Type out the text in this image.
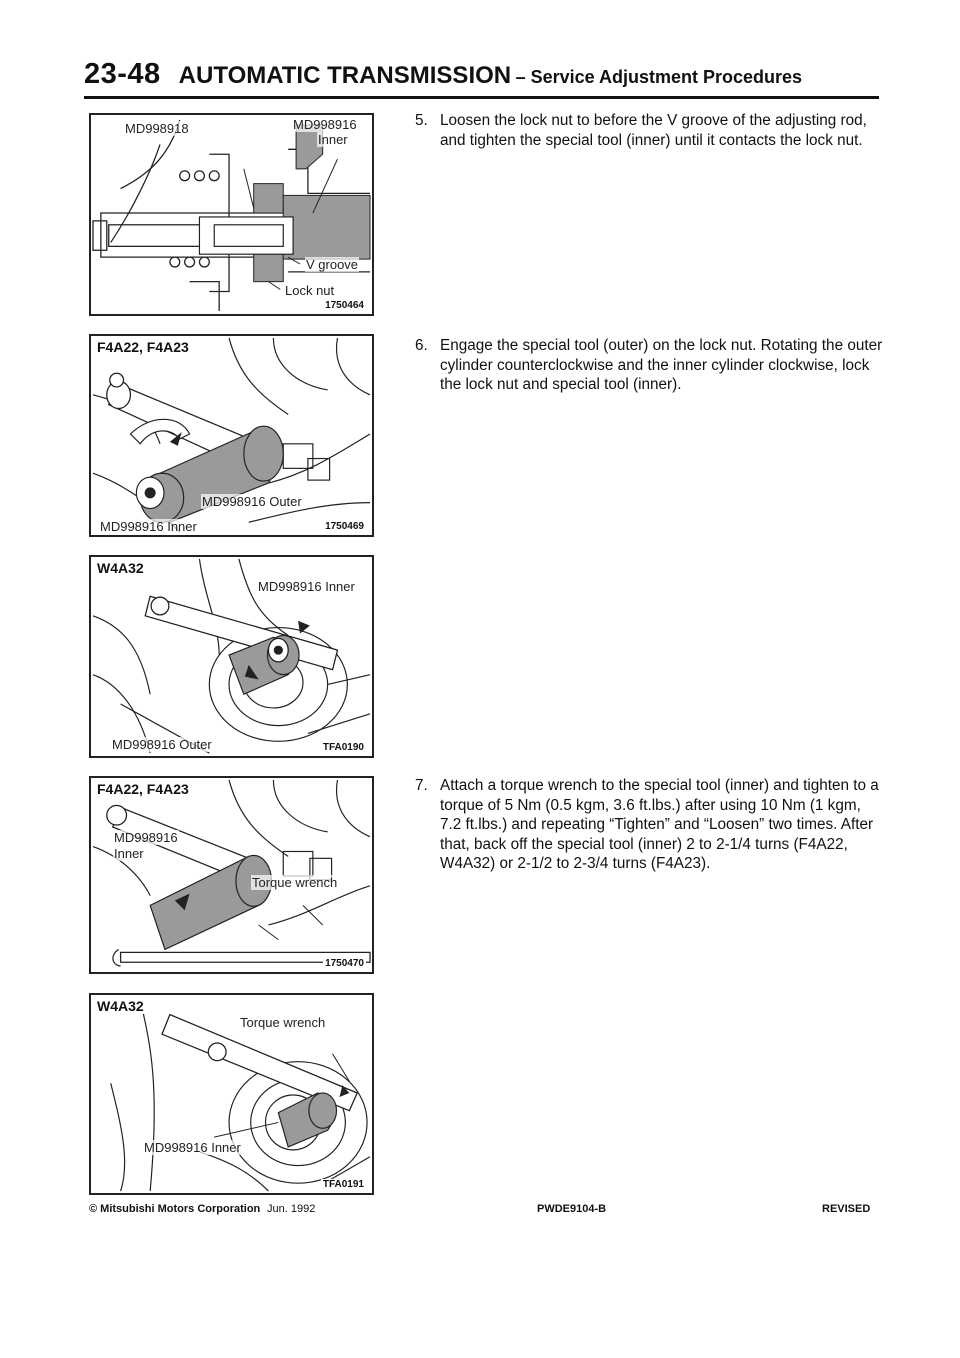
23-48 AUTOMATIC TRANSMISSION – Service Adjustment Procedures
MD998918	MD998916
Inner
V groove
Lock nut
1750464
F4A22, F4A23
MD998916 Outer
MD998916 Inner	1750469
W4A32
MD998916 Inner
MD998916 Outer	TFA0190
F4A22, F4A23
MD998916
Inner
Torque wrench
1750470
W4A32
Torque wrench
MD998916 Inner
TFA0191
5. Loosen the lock nut to before the V groove of the adjusting rod, and tighten the special tool (inner) until it contacts the lock nut.
6. Engage the special tool (outer) on the lock nut. Rotating the outer cylinder counterclockwise and the inner cylinder clockwise, lock the lock nut and special tool (inner).
7. Attach a torque wrench to the special tool (inner) and tighten to a torque of 5 Nm (0.5 kgm, 3.6 ft.lbs.) after using 10 Nm (1 kgm, 7.2 ft.lbs.) and repeating “Tighten” and “Loosen” two times. After that, back off the special tool (inner) 2 to 2-1/4 turns (F4A22, W4A32) or 2-1/2 to 2-3/4 turns (F4A23).
© Mitsubishi Motors Corporation Jun. 1992	PWDE9104-B	REVISED
